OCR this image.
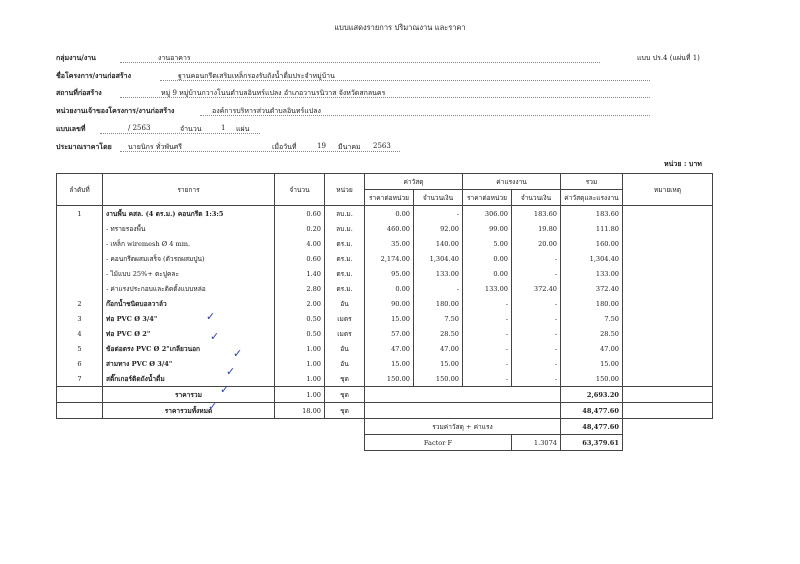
แบบแสดงรายการ ปริมาณงาน และราคา
กลุ่มงาน/งาน	งานอาคาร	แบบ ปร.4 (แผ่นที่ 1)
ชื่อโครงการ/งานก่อสร้าง	ฐานคอนกรีตเสริมเหล็กรองรับถังน้ำดื่มประจำหมู่บ้าน
สถานที่ก่อสร้าง	หมู่ 9 หมู่บ้านกวางโนนตำบลอินทร์แปลง อำเภอวานรนิวาส จังหวัดสกลนคร
หน่วยงานเจ้าของโครงการ/งานก่อสร้าง	องค์การบริหารส่วนตำบลอินทร์แปลง
แบบเลขที่	/ 2563	จำนวน	1 แผ่น
ประมาณราคาโดย นายนิกร ทั่วพันศรี	เมื่อวันที่	19 มีนาคม 2563
หน่วย : บาท
ลำดับที่	รายการ	จำนวน	หน่วย	ค่าวัสดุ		ค่าแรงงาน		รวม	หมายเหตุ
				ราคาต่อหน่วย	จำนวนเงิน	ราคาต่อหน่วย	จำนวนเงิน	ค่าวัสดุและแรงงาน	
1	งานพื้น คสล. (4 ตร.ม.) คอนกรีต 1:3:5	0.60	ลบ.ม.	0.00	-	306.00	183.60	183.60	
	- ทรายรองพื้น	0.20	ลบ.ม.	460.00	92.00	99.00	19.80	111.80	
	- เหล็ก wiremesh Ø 4 mm.	4.00	ตร.ม.	35.00	140.00	5.00	20.00	160.00	
	- คอนกรีตผสมเสร็จ (ตัวรถผสมปูน)	0.60	ตร.ม.	2,174.00	1,304.40	0.00	-	1,304.40	
	- ไม้แบบ 25%+ ตะปูคละ	1.40	ตร.ม.	95.00	133.00	0.00	-	133.00	
	- ค่าแรงประกอบและติดตั้งแบบหล่อ	2.80	ตร.ม.	0.00	-	133.00	372.40	372.40	
2	ก๊อกน้ำชนิดบอลวาล์ว	2.00	อัน	90.00	180.00	-	-	180.00	
3	ท่อ PVC Ø 3/4"	0.50	เมตร	15.00	7.50	-	-	7.50	
4	ท่อ PVC Ø 2"	0.50	เมตร	57.00	28.50	-	-	28.50	
5	ข้อต่อตรง PVC Ø 2"เกลียวนอก	1.00	อัน	47.00	47.00	-	-	47.00	
6	สามทาง PVC Ø 3/4"	1.00	อัน	15.00	15.00	-	-	15.00	
7	สติ๊กเกอร์ติดถังน้ำดื่ม	1.00	ชุด	150.00	150.00	-	-	150.00	
	ราคารวม	1.00	ชุด					2,693.20	
	ราคารวมทั้งหมด	18.00	ชุด					48,477.60	
				รวมค่าวัสดุ + ค่าแรง				48,477.60	
				Factor F			1.3074	63,379.61	
✓
✓
✓
✓
✓
✓
